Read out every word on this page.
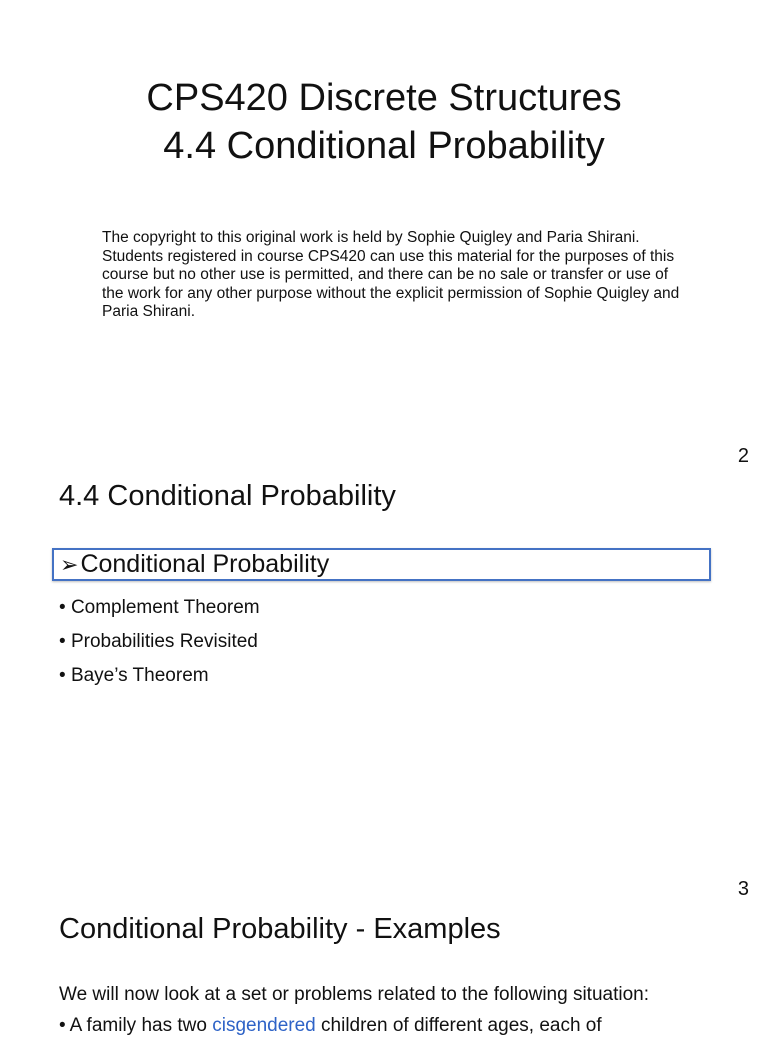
CPS420 Discrete Structures
4.4 Conditional Probability

The copyright to this original work is held by Sophie Quigley and Paria Shirani. Students registered in course CPS420 can use this material for the purposes of this course but no other use is permitted, and there can be no sale or transfer or use of the work for any other purpose without the explicit permission of Sophie Quigley and Paria Shirani.

2
4.4 Conditional Probability
➢ Conditional Probability
• Complement Theorem
• Probabilities Revisited
• Baye’s Theorem
3
Conditional Probability - Examples

We will now look at a set or problems related to the following situation:

• A family has two cisgendered children of different ages, each of
